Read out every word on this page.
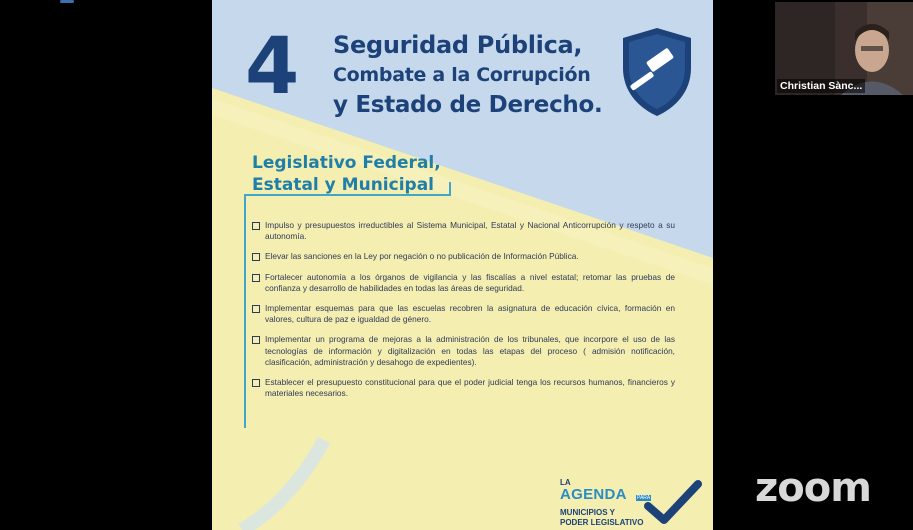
4 Seguridad Pública,
Combate a la Corrupción
y Estado de Derecho.
Legislativo Federal,
Estatal y Municipal
Impulso y presupuestos irreductibles al Sistema Municipal, Estatal y Nacional Anticorrupción y respeto a su autonomía.
Elevar las sanciones en la Ley por negación o no publicación de Información Pública.
Fortalecer autonomía a los órganos de vigilancia y las fiscalías a nivel estatal; retomar las pruebas de confianza y desarrollo de habilidades en todas las áreas de seguridad.
Implementar esquemas para que las escuelas recobren la asignatura de educación cívica, formación en valores, cultura de paz e igualdad de género.
Implementar un programa de mejoras a la administración de los tribunales, que incorpore el uso de las tecnologías de información y digitalización en todas las etapas del proceso ( admisión notificación, clasificación, administración y desahogo de expedientes).
Establecer el presupuesto constitucional para que el poder judicial tenga los recursos humanos, financieros y materiales necesarios.
LA
AGENDA PARA
MUNICIPIOS Y
PODER LEGISLATIVO
Christian Sànc...
zoom
